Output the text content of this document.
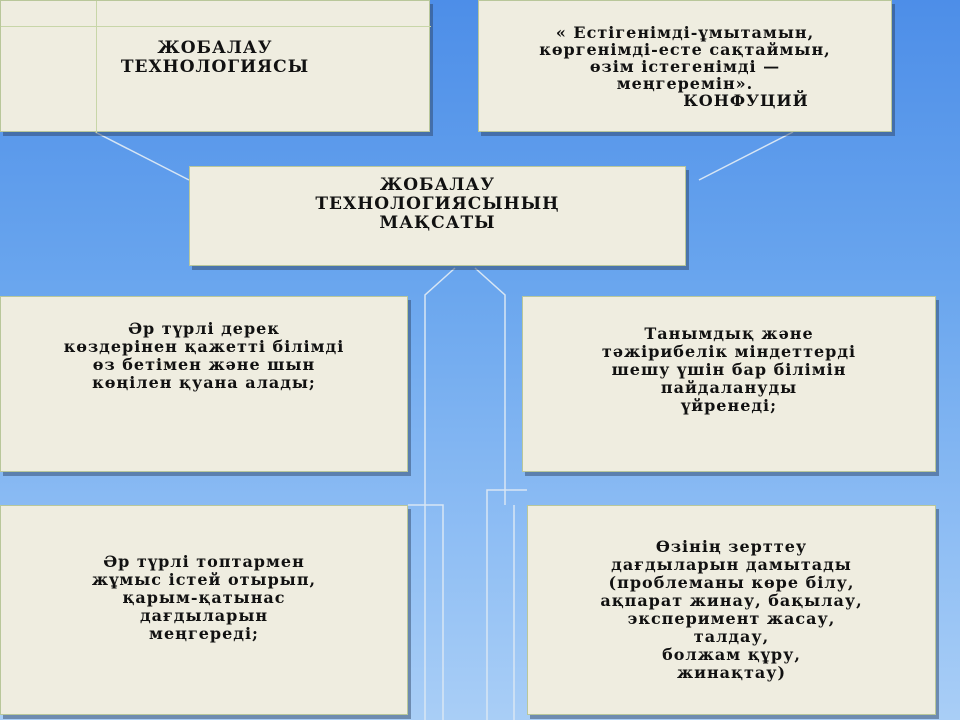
ЖОБАЛАУ
ТЕХНОЛОГИЯСЫ

« Естігенімді-ұмытамын,
көргенімді-есте сақтаймын,
өзім істегенімді —
меңгеремін».

КОНФУЦИЙ

ЖОБАЛАУ
ТЕХНОЛОГИЯСЫНЫҢ
МАҚСАТЫ
Әр түрлі дерек
көздерінен қажетті білімді
өз бетімен және шын
көңілен қуана алады;
Танымдық және
тәжірибелік міндеттерді
шешу үшін бар білімін
пайдалануды
үйренеді;
Әр түрлі топтармен
жұмыс істей отырып,
қарым-қатынас
дағдыларын
меңгереді;
Өзінің зерттеу
дағдыларын дамытады
(проблеманы көре білу,
ақпарат жинау, бақылау,
эксперимент жасау,
талдау,
болжам құру,
жинақтау)
